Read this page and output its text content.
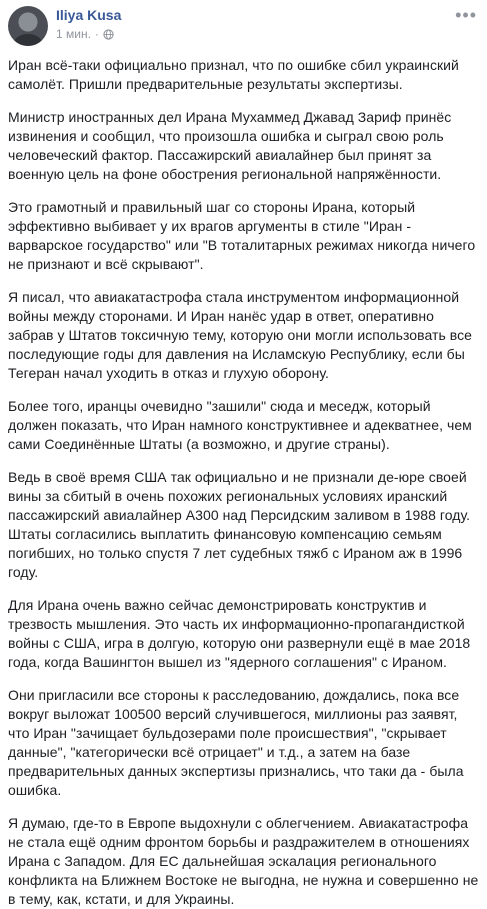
Iliya Kusa
1 мин. ·
•••

Иран всё-таки официально признал, что по ошибке сбил украинский самолёт. Пришли предварительные результаты экспертизы.

Министр иностранных дел Ирана Мухаммед Джавад Зариф принёс извинения и сообщил, что произошла ошибка и сыграл свою роль человеческий фактор. Пассажирский авиалайнер был принят за военную цель на фоне обострения региональной напряжённости.

Это грамотный и правильный шаг со стороны Ирана, который эффективно выбивает у их врагов аргументы в стиле "Иран - варварское государство" или "В тоталитарных режимах никогда ничего не признают и всё скрывают".

Я писал, что авиакатастрофа стала инструментом информационной войны между сторонами. И Иран нанёс удар в ответ, оперативно забрав у Штатов токсичную тему, которую они могли использовать все последующие годы для давления на Исламскую Республику, если бы Тегеран начал уходить в отказ и глухую оборону.

Более того, иранцы очевидно "зашили" сюда и меседж, который должен показать, что Иран намного конструктивнее и адекватнее, чем сами Соединённые Штаты (а возможно, и другие страны).

Ведь в своё время США так официально и не признали де-юре своей вины за сбитый в очень похожих региональных условиях иранский пассажирский авиалайнер А300 над Персидским заливом в 1988 году. Штаты согласились выплатить финансовую компенсацию семьям погибших, но только спустя 7 лет судебных тяжб с Ираном аж в 1996 году.

Для Ирана очень важно сейчас демонстрировать конструктив и трезвость мышления. Это часть их информационно-пропагандисткой войны с США, игра в долгую, которую они развернули ещё в мае 2018 года, когда Вашингтон вышел из "ядерного соглашения" с Ираном.

Они пригласили все стороны к расследованию, дождались, пока все вокруг выложат 100500 версий случившегося, миллионы раз заявят, что Иран "зачищает бульдозерами поле происшествия", "скрывает данные", "категорически всё отрицает" и т.д., а затем на базе предварительных данных экспертизы признались, что таки да - была ошибка.

Я думаю, где-то в Европе выдохнули с облегчением. Авиакатастрофа не стала ещё одним фронтом борьбы и раздражителем в отношениях Ирана с Западом. Для ЕС дальнейшая эскалация регионального конфликта на Ближнем Востоке не выгодна, не нужна и совершенно не в тему, как, кстати, и для Украины.
